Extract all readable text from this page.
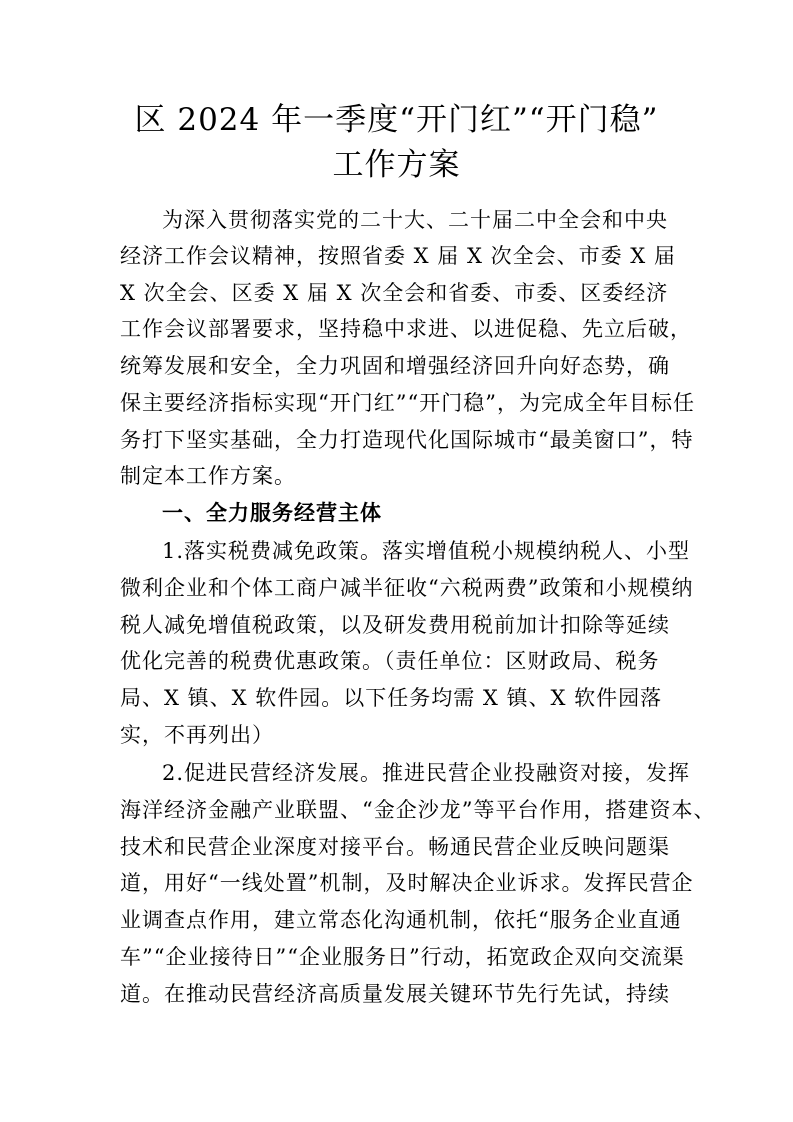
区 2024 年一季度“开门红”“开门稳”
工作方案
为深入贯彻落实党的二十大、二十届二中全会和中央
经济工作会议精神，按照省委 X 届 X 次全会、市委 X 届
X 次全会、区委 X 届 X 次全会和省委、市委、区委经济
工作会议部署要求，坚持稳中求进、以进促稳、先立后破，
统筹发展和安全，全力巩固和增强经济回升向好态势，确
保主要经济指标实现“开门红”“开门稳”，为完成全年目标任
务打下坚实基础，全力打造现代化国际城市“最美窗口”，特
制定本工作方案。
一、全力服务经营主体
1.落实税费减免政策。落实增值税小规模纳税人、小型
微利企业和个体工商户减半征收“六税两费”政策和小规模纳
税人减免增值税政策，以及研发费用税前加计扣除等延续
优化完善的税费优惠政策。（责任单位：区财政局、税务
局、X 镇、X 软件园。以下任务均需 X 镇、X 软件园落
实，不再列出）
2.促进民营经济发展。推进民营企业投融资对接，发挥
海洋经济金融产业联盟、“金企沙龙”等平台作用，搭建资本、
技术和民营企业深度对接平台。畅通民营企业反映问题渠
道，用好“一线处置”机制，及时解决企业诉求。发挥民营企
业调查点作用，建立常态化沟通机制，依托“服务企业直通
车”“企业接待日”“企业服务日”行动，拓宽政企双向交流渠
道。在推动民营经济高质量发展关键环节先行先试，持续
